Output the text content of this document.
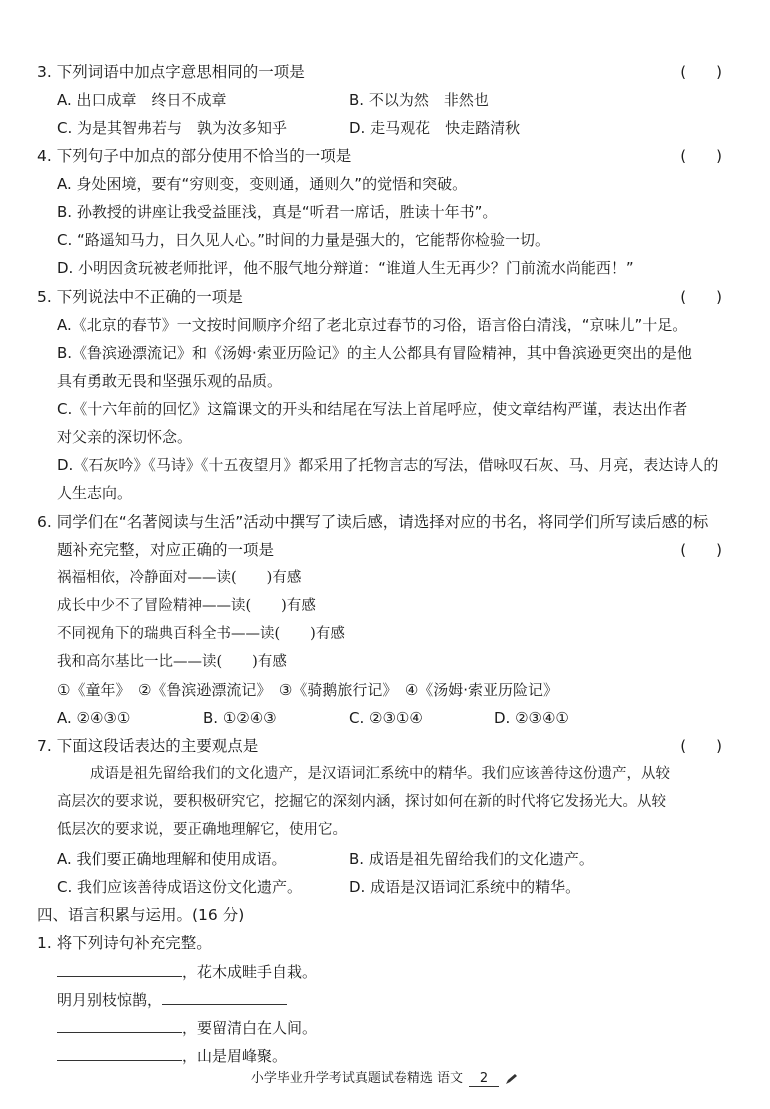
3. 下列词语中加点字意思相同的一项是	(　　)
A. 出口成章　终日不成章	B. 不以为然　非然也
C. 为是其智弗若与　孰为汝多知乎	D. 走马观花　快走踏清秋
4. 下列句子中加点的部分使用不恰当的一项是	(　　)
A. 身处困境，要有“穷则变，变则通，通则久”的觉悟和突破。
B. 孙教授的讲座让我受益匪浅，真是“听君一席话，胜读十年书”。
C. “路遥知马力，日久见人心。”时间的力量是强大的，它能帮你检验一切。
D. 小明因贪玩被老师批评，他不服气地分辩道：“谁道人生无再少？门前流水尚能西！”
5. 下列说法中不正确的一项是	(　　)
A.《北京的春节》一文按时间顺序介绍了老北京过春节的习俗，语言俗白清浅，“京味儿”十足。
B.《鲁滨逊漂流记》和《汤姆·索亚历险记》的主人公都具有冒险精神，其中鲁滨逊更突出的是他
具有勇敢无畏和坚强乐观的品质。
C.《十六年前的回忆》这篇课文的开头和结尾在写法上首尾呼应，使文章结构严谨，表达出作者
对父亲的深切怀念。
D.《石灰吟》《马诗》《十五夜望月》都采用了托物言志的写法，借咏叹石灰、马、月亮，表达诗人的
人生志向。
6. 同学们在“名著阅读与生活”活动中撰写了读后感，请选择对应的书名，将同学们所写读后感的标
题补充完整，对应正确的一项是	(　　)
祸福相依，冷静面对——读( )有感
成长中少不了冒险精神——读( )有感
不同视角下的瑞典百科全书——读( )有感
我和高尔基比一比——读( )有感
①《童年》　②《鲁滨逊漂流记》　③《骑鹅旅行记》　④《汤姆·索亚历险记》
A. ②④③①	B. ①②④③	C. ②③①④	D. ②③④①
7. 下面这段话表达的主要观点是	(　　)
成语是祖先留给我们的文化遗产，是汉语词汇系统中的精华。我们应该善待这份遗产，从较
高层次的要求说，要积极研究它，挖掘它的深刻内涵，探讨如何在新的时代将它发扬光大。从较
低层次的要求说，要正确地理解它，使用它。
A. 我们要正确地理解和使用成语。	B. 成语是祖先留给我们的文化遗产。
C. 我们应该善待成语这份文化遗产。	D. 成语是汉语词汇系统中的精华。
四、语言积累与运用。(16 分)
1. 将下列诗句补充完整。
，花木成畦手自栽。
明月别枝惊鹊，
，要留清白在人间。
，山是眉峰聚。
小学毕业升学考试真题试卷精选 语文 2
